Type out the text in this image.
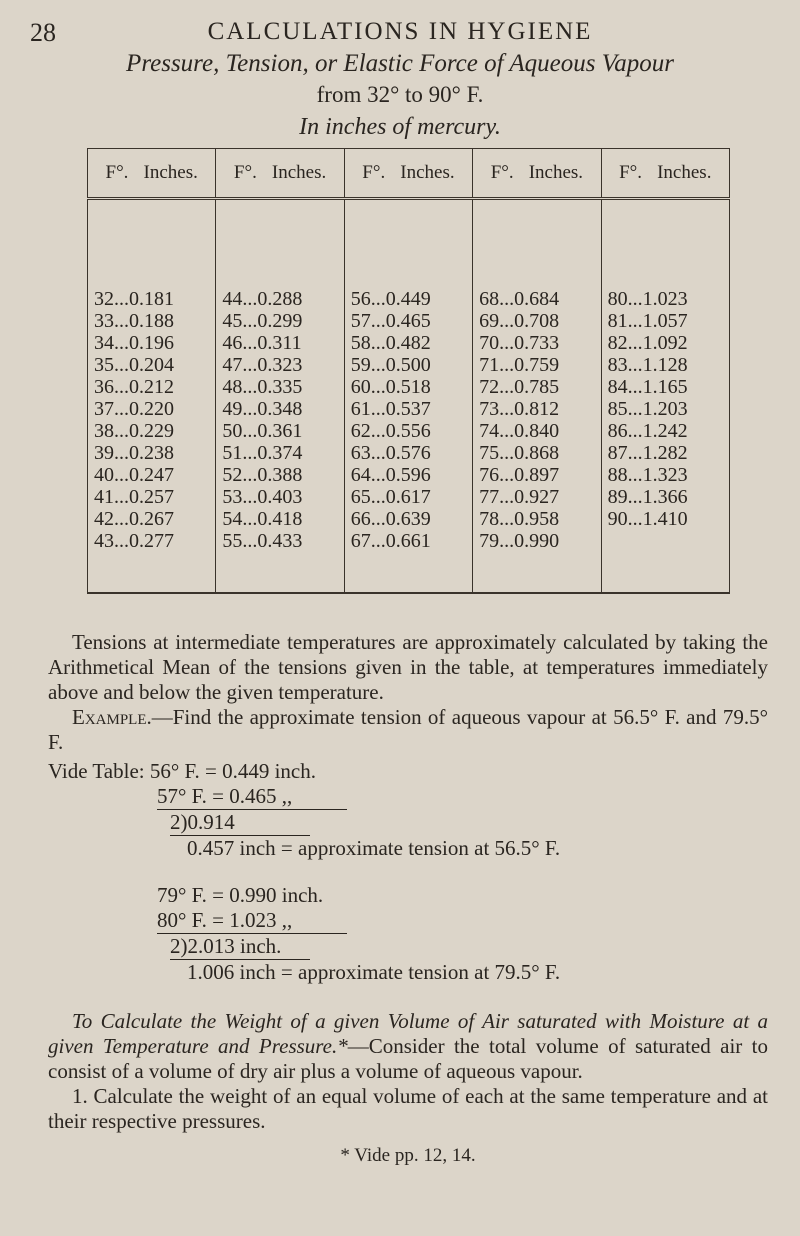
28	CALCULATIONS IN HYGIENE
Pressure, Tension, or Elastic Force of Aqueous Vapour
from 32° to 90° F.
In inches of mercury.
F°. Inches.	F°. Inches.	F°. Inches.	F°. Inches.	F°. Inches.
32...0.181	44...0.288	56...0.449	68...0.684	80...1.023
33...0.188	45...0.299	57...0.465	69...0.708	81...1.057
34...0.196	46...0.311	58...0.482	70...0.733	82...1.092
35...0.204	47...0.323	59...0.500	71...0.759	83...1.128
36...0.212	48...0.335	60...0.518	72...0.785	84...1.165
37...0.220	49...0.348	61...0.537	73...0.812	85...1.203
38...0.229	50...0.361	62...0.556	74...0.840	86...1.242
39...0.238	51...0.374	63...0.576	75...0.868	87...1.282
40...0.247	52...0.388	64...0.596	76...0.897	88...1.323
41...0.257	53...0.403	65...0.617	77...0.927	89...1.366
42...0.267	54...0.418	66...0.639	78...0.958	90...1.410
43...0.277	55...0.433	67...0.661	79...0.990	

Tensions at intermediate temperatures are approximately calculated by taking the Arithmetical Mean of the tensions given in the table, at temperatures immediately above and below the given temperature.

Example.—Find the approximate tension of aqueous vapour at 56.5° F. and 79.5° F.

Vide Table: 56° F. = 0.449 inch.
57° F. = 0.465 ,,
2)0.914
0.457 inch = approximate tension at 56.5° F.
79° F. = 0.990 inch.
80° F. = 1.023 ,,
2)2.013 inch.
1.006 inch = approximate tension at 79.5° F.

To Calculate the Weight of a given Volume of Air saturated with Moisture at a given Temperature and Pressure.*—Consider the total volume of saturated air to consist of a volume of dry air plus a volume of aqueous vapour.

1. Calculate the weight of an equal volume of each at the same temperature and at their respective pressures.

* Vide pp. 12, 14.
